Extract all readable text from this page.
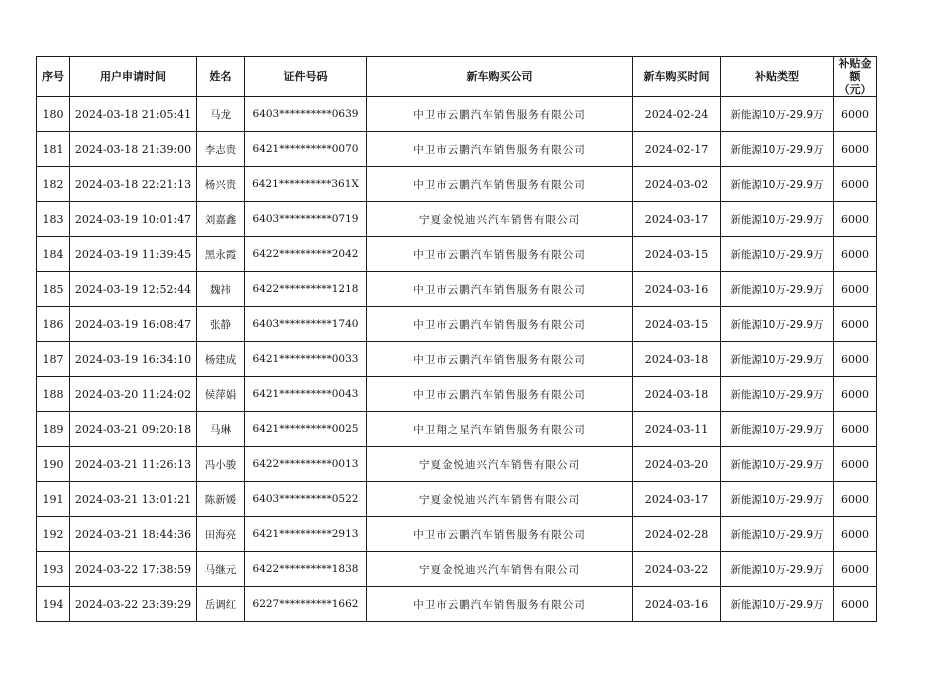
序号	用户申请时间	姓名	证件号码	新车购买公司	新车购买时间	补贴类型	补贴金额
（元）
180	2024-03-18 21:05:41	马龙	6403**********0639	中卫市云鹏汽车销售服务有限公司	2024-02-24	新能源10万-29.9万	6000
181	2024-03-18 21:39:00	李志贵	6421**********0070	中卫市云鹏汽车销售服务有限公司	2024-02-17	新能源10万-29.9万	6000
182	2024-03-18 22:21:13	杨兴贵	6421**********361X	中卫市云鹏汽车销售服务有限公司	2024-03-02	新能源10万-29.9万	6000
183	2024-03-19 10:01:47	刘嘉鑫	6403**********0719	宁夏金悦迪兴汽车销售有限公司	2024-03-17	新能源10万-29.9万	6000
184	2024-03-19 11:39:45	黑永霞	6422**********2042	中卫市云鹏汽车销售服务有限公司	2024-03-15	新能源10万-29.9万	6000
185	2024-03-19 12:52:44	魏祎	6422**********1218	中卫市云鹏汽车销售服务有限公司	2024-03-16	新能源10万-29.9万	6000
186	2024-03-19 16:08:47	张静	6403**********1740	中卫市云鹏汽车销售服务有限公司	2024-03-15	新能源10万-29.9万	6000
187	2024-03-19 16:34:10	杨建成	6421**********0033	中卫市云鹏汽车销售服务有限公司	2024-03-18	新能源10万-29.9万	6000
188	2024-03-20 11:24:02	侯萍娟	6421**********0043	中卫市云鹏汽车销售服务有限公司	2024-03-18	新能源10万-29.9万	6000
189	2024-03-21 09:20:18	马琳	6421**********0025	中卫翔之星汽车销售服务有限公司	2024-03-11	新能源10万-29.9万	6000
190	2024-03-21 11:26:13	冯小骏	6422**********0013	宁夏金悦迪兴汽车销售有限公司	2024-03-20	新能源10万-29.9万	6000
191	2024-03-21 13:01:21	陈新媛	6403**********0522	宁夏金悦迪兴汽车销售有限公司	2024-03-17	新能源10万-29.9万	6000
192	2024-03-21 18:44:36	田海亮	6421**********2913	中卫市云鹏汽车销售服务有限公司	2024-02-28	新能源10万-29.9万	6000
193	2024-03-22 17:38:59	马继元	6422**********1838	宁夏金悦迪兴汽车销售有限公司	2024-03-22	新能源10万-29.9万	6000
194	2024-03-22 23:39:29	岳调红	6227**********1662	中卫市云鹏汽车销售服务有限公司	2024-03-16	新能源10万-29.9万	6000
